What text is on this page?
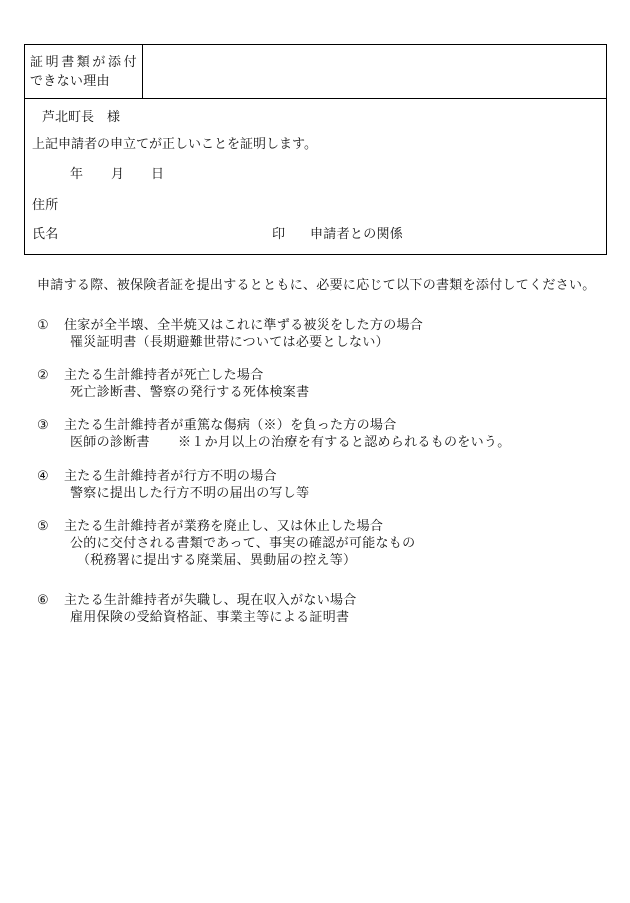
証明書類が添付
できない理由
芦北町長　様
上記申請者の申立てが正しいことを証明します。
年 月 日
住所
氏名	印 申請者との関係
申請する際、被保険者証を提出するとともに、必要に応じて以下の書類を添付してください。
① 住家が全半壊、全半焼又はこれに準ずる被災をした方の場合
罹災証明書（長期避難世帯については必要としない）
② 主たる生計維持者が死亡した場合
死亡診断書、警察の発行する死体検案書
③ 主たる生計維持者が重篤な傷病（※）を負った方の場合
医師の診断書 ※１か月以上の治療を有すると認められるものをいう。
④ 主たる生計維持者が行方不明の場合
警察に提出した行方不明の届出の写し等
⑤ 主たる生計維持者が業務を廃止し、又は休止した場合
公的に交付される書類であって、事実の確認が可能なもの
（税務署に提出する廃業届、異動届の控え等）
⑥ 主たる生計維持者が失職し、現在収入がない場合
雇用保険の受給資格証、事業主等による証明書
